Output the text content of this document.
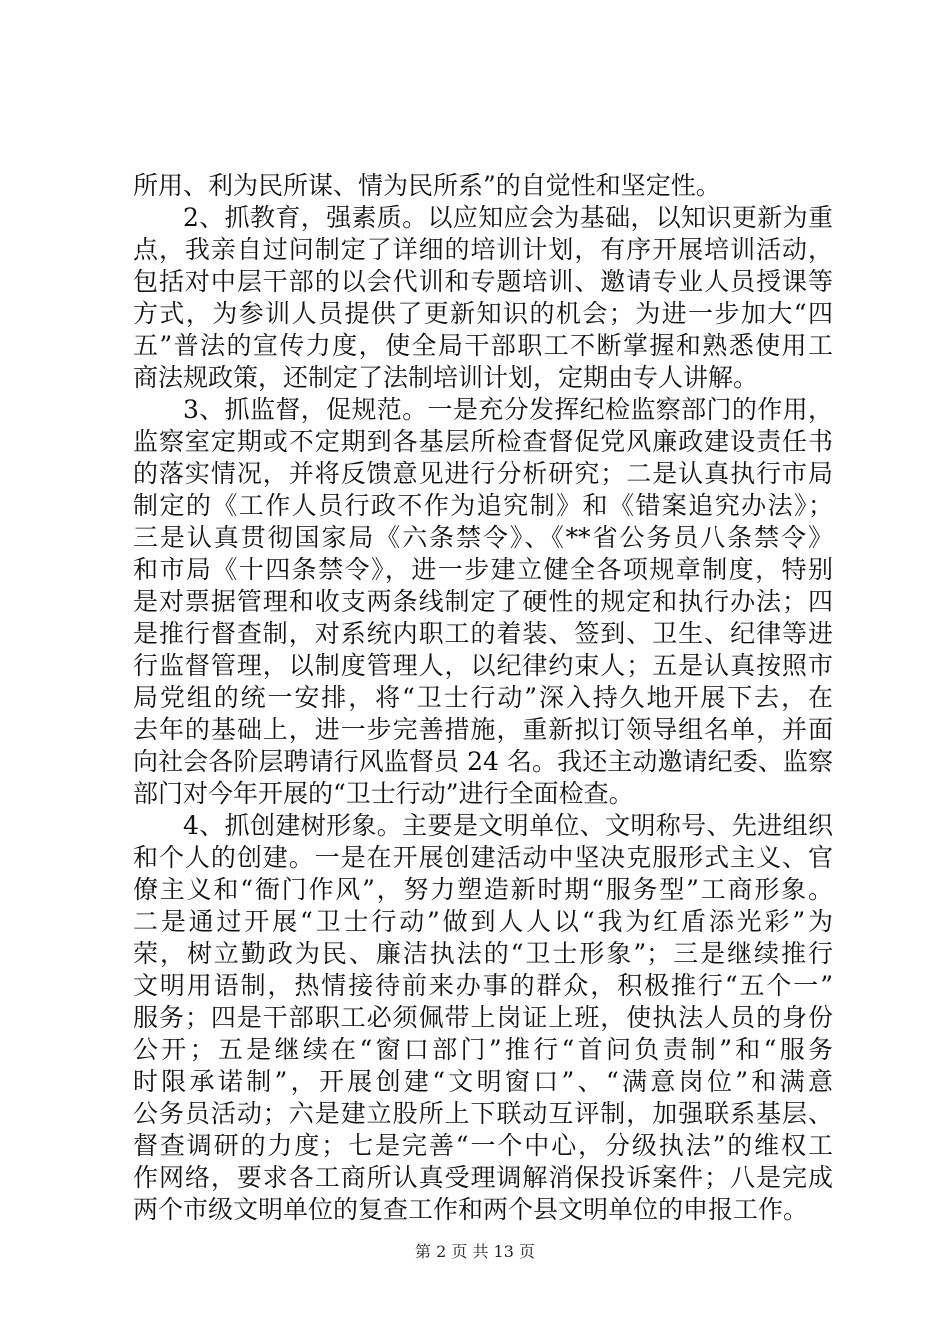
所用、利为民所谋、情为民所系”的自觉性和坚定性。
2、抓教育，强素质。以应知应会为基础，以知识更新为重
点，我亲自过问制定了详细的培训计划，有序开展培训活动，
包括对中层干部的以会代训和专题培训、邀请专业人员授课等
方式，为参训人员提供了更新知识的机会；为进一步加大“四
五”普法的宣传力度，使全局干部职工不断掌握和熟悉使用工
商法规政策，还制定了法制培训计划，定期由专人讲解。
3、抓监督，促规范。一是充分发挥纪检监察部门的作用，
监察室定期或不定期到各基层所检查督促党风廉政建设责任书
的落实情况，并将反馈意见进行分析研究；二是认真执行市局
制定的《工作人员行政不作为追究制》和《错案追究办法》；
三是认真贯彻国家局《六条禁令》、《**省公务员八条禁令》
和市局《十四条禁令》，进一步建立健全各项规章制度，特别
是对票据管理和收支两条线制定了硬性的规定和执行办法；四
是推行督查制，对系统内职工的着装、签到、卫生、纪律等进
行监督管理，以制度管理人，以纪律约束人；五是认真按照市
局党组的统一安排，将“卫士行动”深入持久地开展下去，在
去年的基础上，进一步完善措施，重新拟订领导组名单，并面
向社会各阶层聘请行风监督员 24 名。我还主动邀请纪委、监察
部门对今年开展的“卫士行动”进行全面检查。
4、抓创建树形象。主要是文明单位、文明称号、先进组织
和个人的创建。一是在开展创建活动中坚决克服形式主义、官
僚主义和“衙门作风”，努力塑造新时期“服务型”工商形象。
二是通过开展“卫士行动”做到人人以“我为红盾添光彩”为
荣，树立勤政为民、廉洁执法的“卫士形象”；三是继续推行
文明用语制，热情接待前来办事的群众，积极推行“五个一”
服务；四是干部职工必须佩带上岗证上班，使执法人员的身份
公开；五是继续在“窗口部门”推行“首问负责制”和“服务
时限承诺制”，开展创建“文明窗口”、“满意岗位”和满意
公务员活动；六是建立股所上下联动互评制，加强联系基层、
督查调研的力度；七是完善“一个中心，分级执法”的维权工
作网络，要求各工商所认真受理调解消保投诉案件；八是完成
两个市级文明单位的复查工作和两个县文明单位的申报工作。
第 2 页 共 13 页
